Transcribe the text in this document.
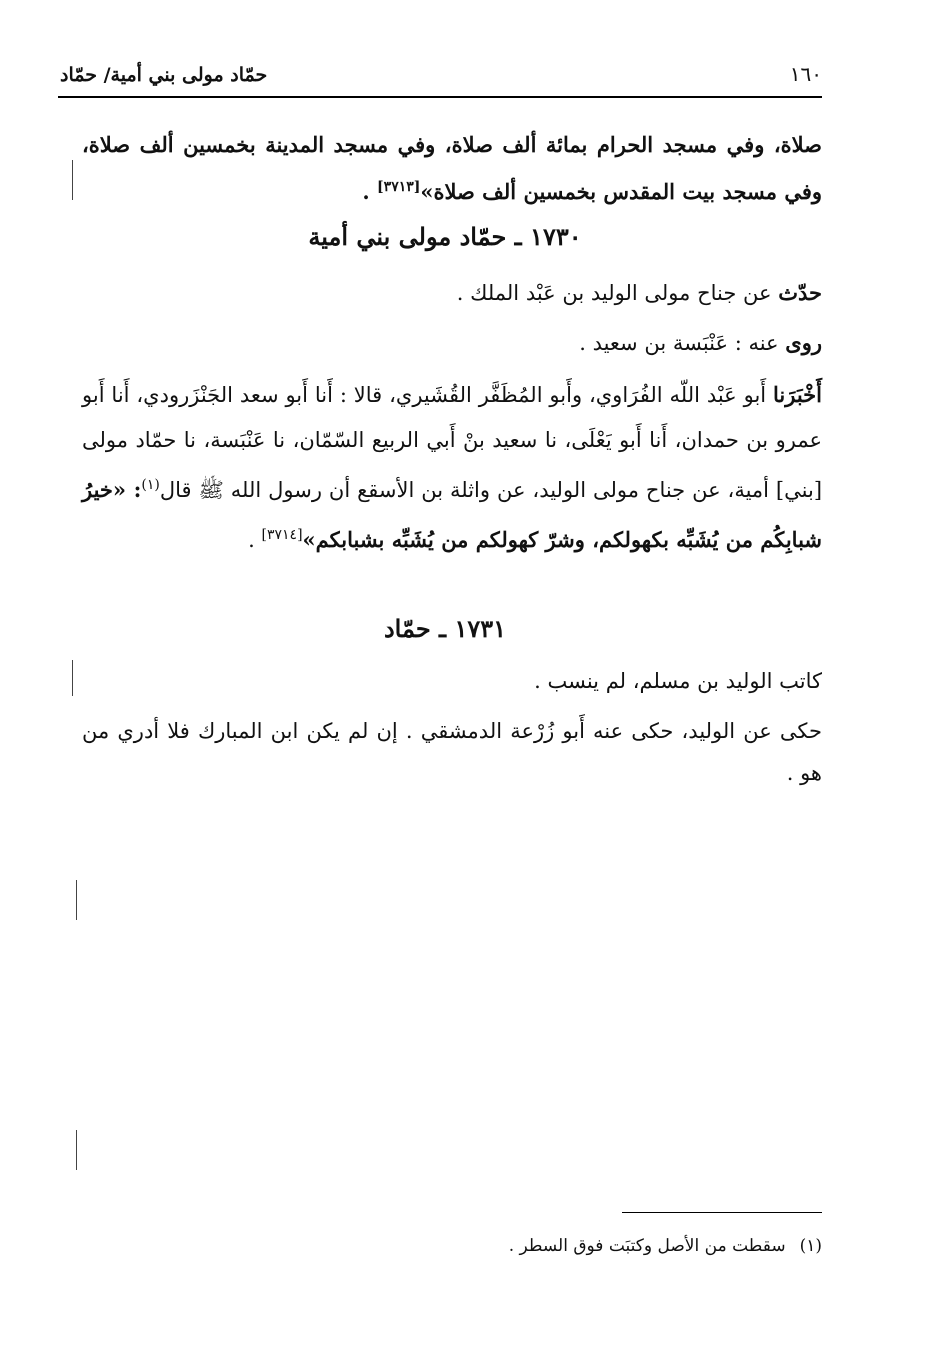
١٦٠
حمّاد مولى بني أمية/ حمّاد
صلاة، وفي مسجد الحرام بمائة ألف صلاة، وفي مسجد المدينة بخمسين ألف صلاة، وفي مسجد بيت المقدس بخمسين ألف صلاة»[٣٧١٣] .
١٧٣٠ ـ حمّاد مولى بني أمية
حدّث عن جناح مولى الوليد بن عَبْد الملك .
روى عنه : عَنْبَسة بن سعيد .
أَخْبَرَنا أَبو عَبْد اللّه الفُرَاوي، وأَبو المُظَفَّر القُشَيري، قالا : أَنا أَبو سعد الجَنْزَرودي، أَنا أَبو عمرو بن حمدان، أَنا أَبو يَعْلَى، نا سعيد بنْ أَبي الربيع السّمّان، نا عَنْبَسة، نا حمّاد مولى [بني] أمية، عن جناح مولى الوليد، عن واثلة بن الأسقع أن رسول الله ﷺ قال$^{(١)}$: «خيرُ شبابِكُم من يُشَبِّه بكهولكم، وشرّ كهولكم من يُشَبِّه بشبابكم»[٣٧١٤] .
١٧٣١ ـ حمّاد
كاتب الوليد بن مسلم، لم ينسب .
حكى عن الوليد، حكى عنه أَبو زُرْعة الدمشقي . إن لم يكن ابن المبارك فلا أدري من هو .
(١)سقطت من الأصل وكتبَت فوق السطر .
